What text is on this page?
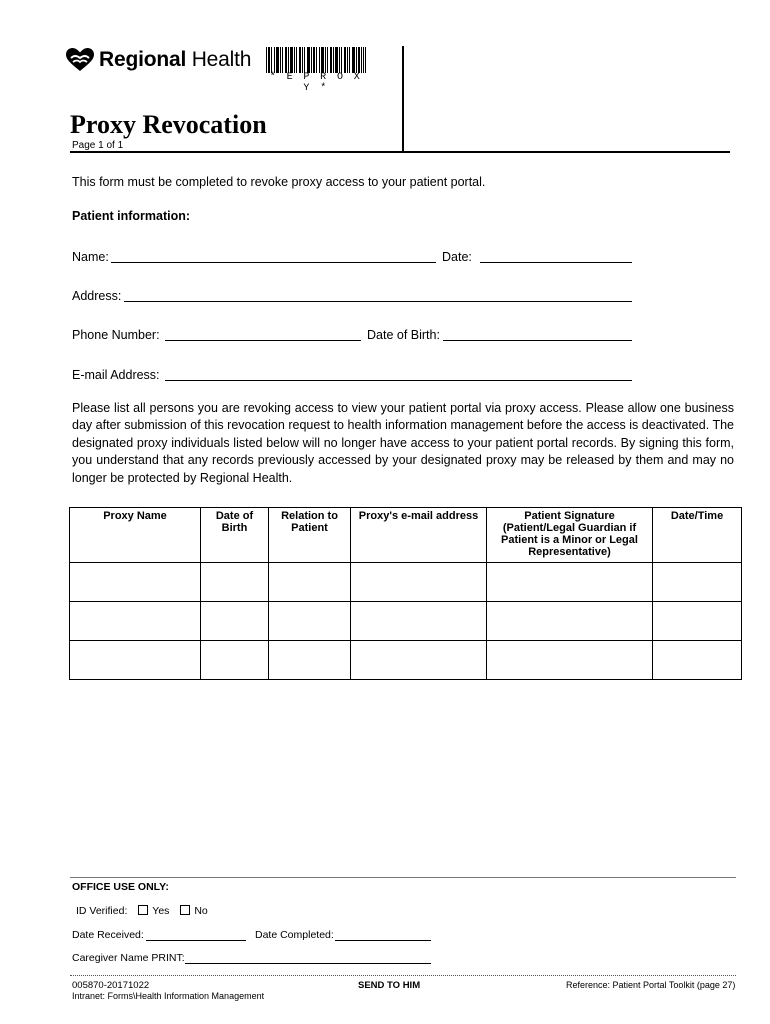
Regional Health
* E P R O X Y *
Proxy Revocation
Page 1 of 1
This form must be completed to revoke proxy access to your patient portal.
Patient information:
Name:	Date:
Address:
Phone Number:	Date of Birth:
E-mail Address:
Please list all persons you are revoking access to view your patient portal via proxy access. Please allow one business day after submission of this revocation request to health information management before the access is deactivated. The designated proxy individuals listed below will no longer have access to your patient portal records. By signing this form, you understand that any records previously accessed by your designated proxy may be released by them and may no longer be protected by Regional Health.
Proxy Name	Date of Birth	Relation to Patient	Proxy's e-mail address	Patient Signature (Patient/Legal Guardian if Patient is a Minor or Legal Representative)	Date/Time

OFFICE USE ONLY:
ID Verified: Yes No
Date Received:	Date Completed:
Caregiver Name PRINT:
005870-20171022
Intranet: Forms\Health Information Management
SEND TO HIM	Reference: Patient Portal Toolkit (page 27)
